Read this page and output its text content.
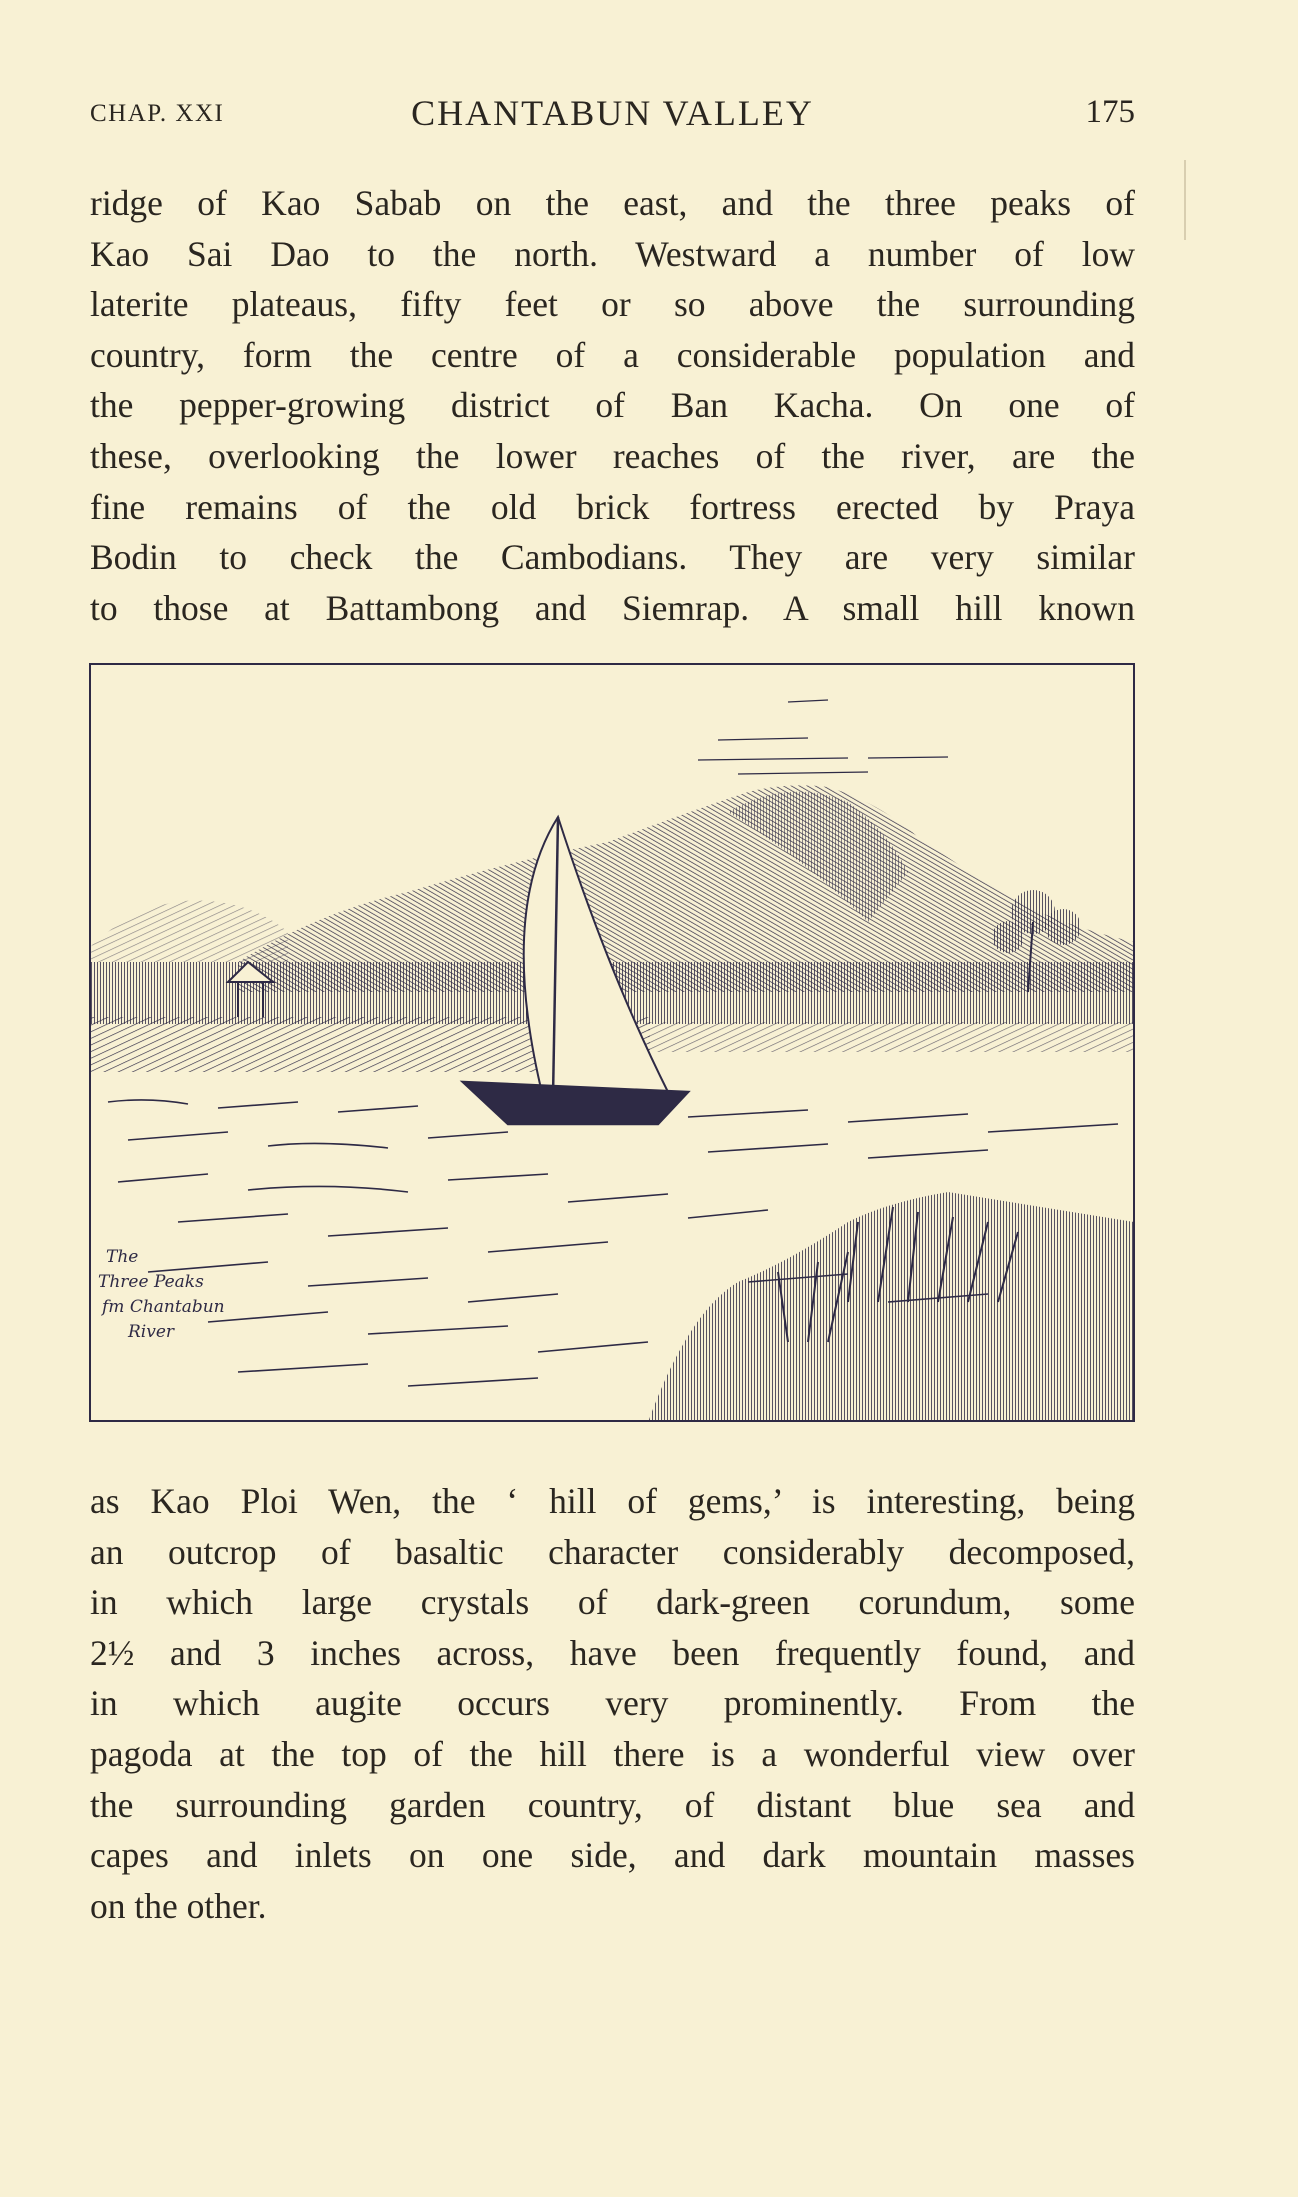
CHAP. XXI	CHANTABUN VALLEY	175
ridge of Kao Sabab on the east, and the three peaks of
Kao Sai Dao to the north. Westward a number of low
laterite plateaus, fifty feet or so above the surrounding
country, form the centre of a considerable population and
the pepper-growing district of Ban Kacha. On one of
these, overlooking the lower reaches of the river, are the
fine remains of the old brick fortress erected by Praya
Bodin to check the Cambodians. They are very similar
to those at Battambong and Siemrap. A small hill known
The
Three Peaks
fm Chantabun
River
as Kao Ploi Wen, the ‘ hill of gems,’ is interesting, being
an outcrop of basaltic character considerably decomposed,
in which large crystals of dark-green corundum, some
2½ and 3 inches across, have been frequently found, and
in which augite occurs very prominently. From the
pagoda at the top of the hill there is a wonderful view over
the surrounding garden country, of distant blue sea and
capes and inlets on one side, and dark mountain masses
on the other.
